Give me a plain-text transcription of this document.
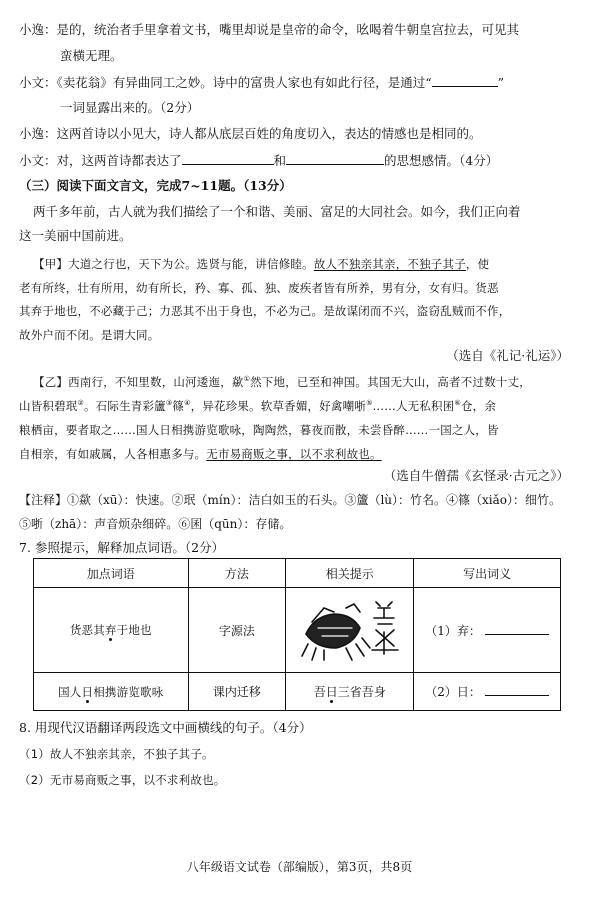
小逸：是的，统治者手里拿着文书，嘴里却说是皇帝的命令，吆喝着牛朝皇宫拉去，可见其
蛮横无理。
小文：《卖花翁》有异曲同工之妙。诗中的富贵人家也有如此行径，是通过“	”
一词显露出来的。（2分）
小逸：这两首诗以小见大，诗人都从底层百姓的角度切入，表达的情感也是相同的。
小文：对，这两首诗都表达了	和	的思想感情。（4分）
（三）阅读下面文言文，完成7~11题。（13分）
两千多年前，古人就为我们描绘了一个和谐、美丽、富足的大同社会。如今，我们正向着
这一美丽中国前进。
【甲】大道之行也，天下为公。选贤与能，讲信修睦。故人不独亲其亲，不独子其子，使
老有所终，壮有所用，幼有所长，矜、寡、孤、独、废疾者皆有所养，男有分，女有归。货恶
其弃于地也，不必藏于己；力恶其不出于身也，不必为己。是故谋闭而不兴，盗窃乱贼而不作，
故外户而不闭。是谓大同。
（选自《礼记·礼运》）
【乙】西南行，不知里数，山河逶迤，歘①然下地，已至和神国。其国无大山，高者不过数十丈，
山皆积碧珉②。石际生青彩籚③篠④，异花珍果。软草香媚，好禽嘲哳⑤……人无私积囷⑥仓，余
粮栖亩，要者取之……国人日相携游览歌咏，陶陶然，暮夜而散，未尝昏醉……一国之人，皆
自相亲，有如戚属，人各相惠多与。无市易商贩之事，以不求利故也。
（选自牛僧孺《玄怪录·古元之》）
【注释】①歘（xū）：快速。②珉（mín）：洁白如玉的石头。③籚（lù）：竹名。④篠（xiǎo）：细竹。
⑤哳（zhā）：声音烦杂细碎。⑥囷（qūn）：存储。
7. 参照提示，解释加点词语。（2分）
加点词语	方法	相关提示	写出词义
货恶其弃于地也	字源法		（1）弃：
国人日相携游览歌咏	课内迁移	吾日三省吾身	（2）日：
8. 用现代汉语翻译两段选文中画横线的句子。（4分）
（1）故人不独亲其亲，不独子其子。
（2）无市易商贩之事，以不求利故也。
八年级语文试卷（部编版），第3页，共8页
